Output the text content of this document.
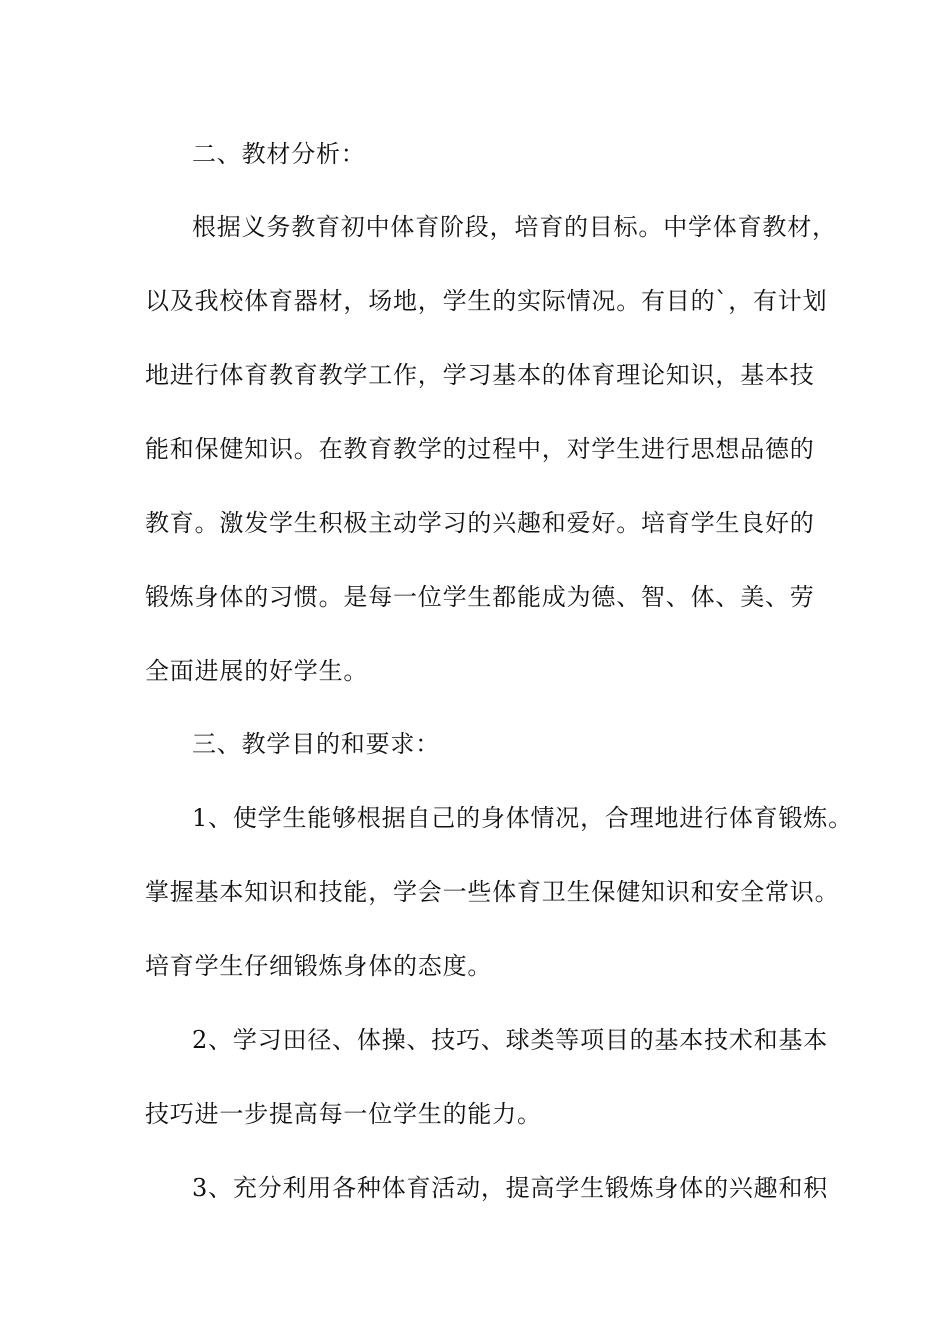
二、教材分析：
根据义务教育初中体育阶段，培育的目标。中学体育教材，
以及我校体育器材，场地，学生的实际情况。有目的`，有计划
地进行体育教育教学工作，学习基本的体育理论知识，基本技
能和保健知识。在教育教学的过程中，对学生进行思想品德的
教育。激发学生积极主动学习的兴趣和爱好。培育学生良好的
锻炼身体的习惯。是每一位学生都能成为德、智、体、美、劳
全面进展的好学生。
三、教学目的和要求：
1、使学生能够根据自己的身体情况，合理地进行体育锻炼。
掌握基本知识和技能，学会一些体育卫生保健知识和安全常识。
培育学生仔细锻炼身体的态度。
2、学习田径、体操、技巧、球类等项目的基本技术和基本
技巧进一步提高每一位学生的能力。
3、充分利用各种体育活动，提高学生锻炼身体的兴趣和积
